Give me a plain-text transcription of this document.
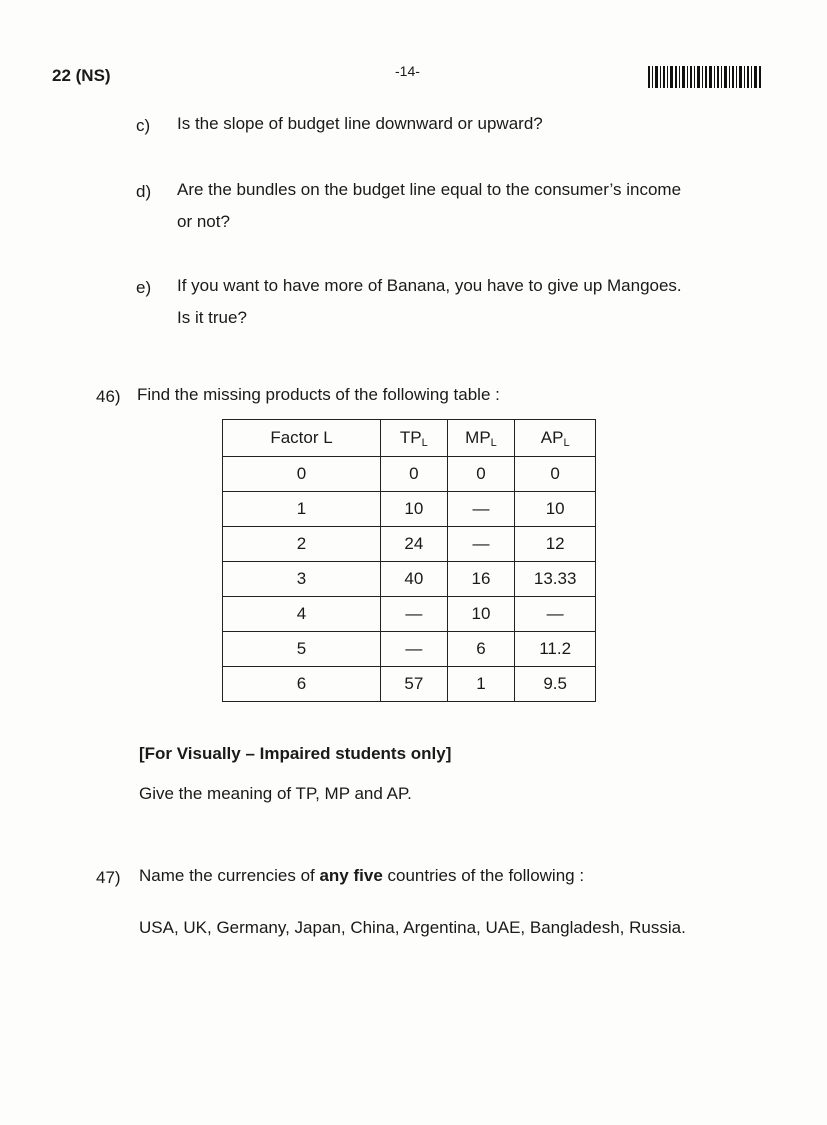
22 (NS)	-14-
c) Is the slope of budget line downward or upward?
d) Are the bundles on the budget line equal to the consumer’s income
or not?
e) If you want to have more of Banana, you have to give up Mangoes.
Is it true?
46) Find the missing products of the following table :
Factor L	$TP_L$	$MP_L$	$AP_L$
0	0	0	0
1	10	—	10
2	24	—	12
3	40	16	13.33
4	—	10	—
5	—	6	11.2
6	57	1	9.5
[For Visually – Impaired students only]
Give the meaning of TP, MP and AP.
47) Name the currencies of any five countries of the following :
USA, UK, Germany, Japan, China, Argentina, UAE, Bangladesh, Russia.
